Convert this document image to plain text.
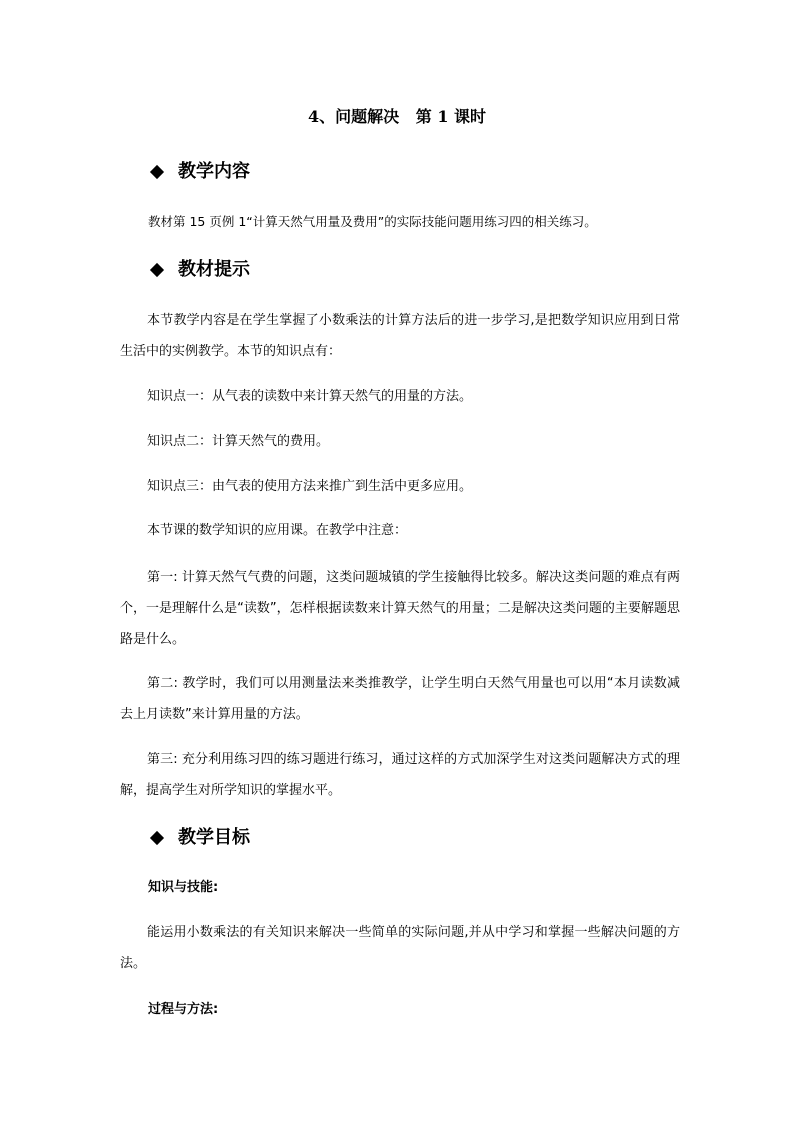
4、问题解决   第 1 课时
教学内容
教材第 15 页例 1“计算天然气用量及费用”的实际技能问题用练习四的相关练习。
教材提示
本节教学内容是在学生掌握了小数乘法的计算方法后的进一步学习,是把数学知识应用到日常生活中的实例教学。本节的知识点有：
知识点一：从气表的读数中来计算天然气的用量的方法。
知识点二：计算天然气的费用。
知识点三：由气表的使用方法来推广到生活中更多应用。
本节课的数学知识的应用课。在教学中注意：
第一: 计算天然气气费的问题，这类问题城镇的学生接触得比较多。解决这类问题的难点有两个，一是理解什么是“读数”，怎样根据读数来计算天然气的用量；二是解决这类问题的主要解题思路是什么。
第二: 教学时，我们可以用测量法来类推教学，让学生明白天然气用量也可以用“本月读数减去上月读数”来计算用量的方法。
第三: 充分利用练习四的练习题进行练习，通过这样的方式加深学生对这类问题解决方式的理解，提高学生对所学知识的掌握水平。
教学目标
知识与技能:
能运用小数乘法的有关知识来解决一些简单的实际问题,并从中学习和掌握一些解决问题的方法。
过程与方法:
